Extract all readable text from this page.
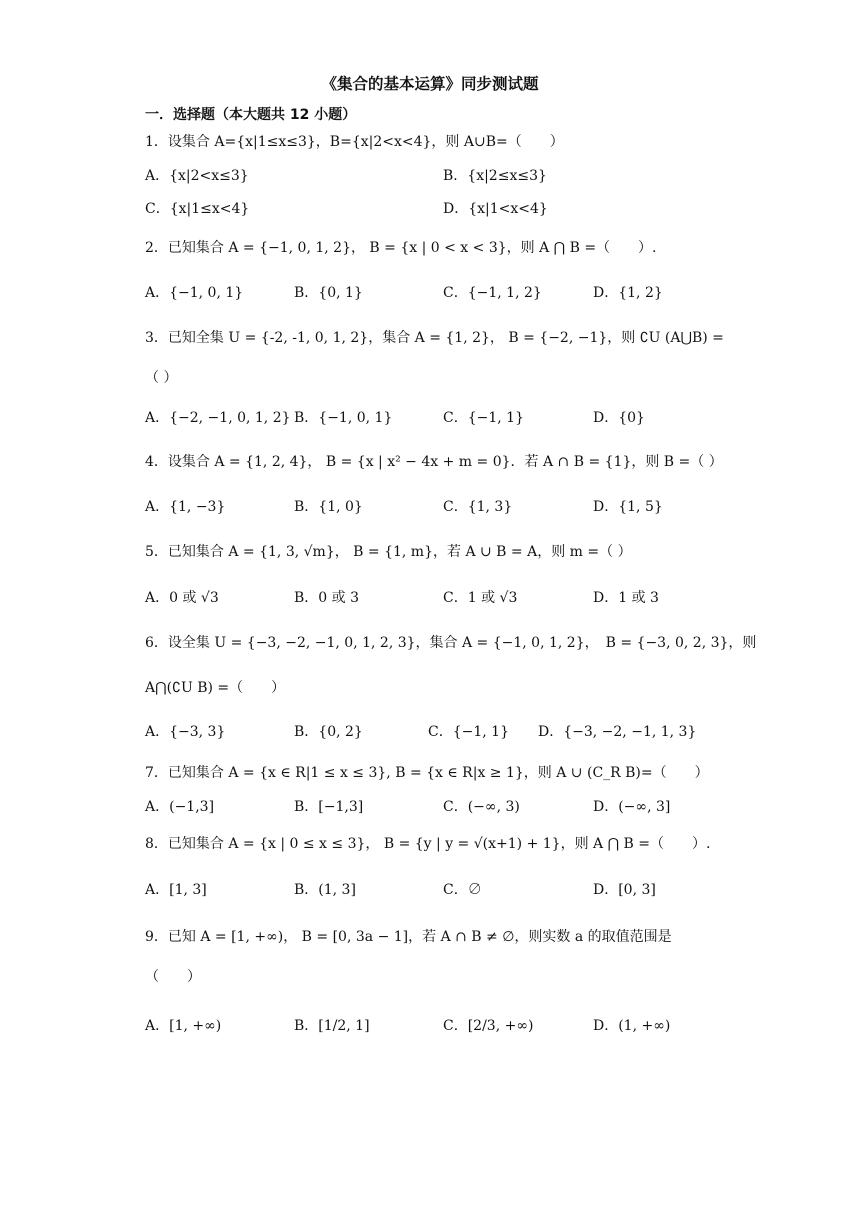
《集合的基本运算》同步测试题
一．选择题（本大题共 12 小题）
1．设集合 A={x|1≤x≤3}，B={x|2<x<4}，则 A∪B=（　　）
A．{x|2<x≤3}	B．{x|2≤x≤3}
C．{x|1≤x<4}	D．{x|1<x<4}
2．已知集合 A = {−1, 0, 1, 2}， B = {x | 0 < x < 3}，则 A ⋂ B =（　　）.
A．{−1, 0, 1}	B．{0, 1}	C．{−1, 1, 2}	D．{1, 2}
3．已知全集 U = {-2, -1, 0, 1, 2}，集合 A = {1, 2}， B = {−2, −1}，则 ∁U (A⋃B) =
（ ）
A．{−2, −1, 0, 1, 2} B．{−1, 0, 1}	C．{−1, 1}	D．{0}
4．设集合 A = {1, 2, 4}， B = {x | x² − 4x + m = 0}．若 A ∩ B = {1}，则 B =（ ）
A．{1, −3}	B．{1, 0}	C．{1, 3}	D．{1, 5}
5．已知集合 A = {1, 3, √m}， B = {1, m}，若 A ∪ B = A，则 m =（ ）
A．0 或 √3	B．0 或 3	C．1 或 √3	D．1 或 3
6．设全集 U = {−3, −2, −1, 0, 1, 2, 3}，集合 A = {−1, 0, 1, 2}，　B = {−3, 0, 2, 3}，则
A⋂(∁U B) =（　　）
A．{−3, 3}	B．{0, 2}	C．{−1, 1} D．{−3, −2, −1, 1, 3}
7．已知集合 A = {x ∈ R|1 ≤ x ≤ 3}, B = {x ∈ R|x ≥ 1}，则 A ∪ (C_R B)=（　　）
A．(−1,3]	B．[−1,3]	C．(−∞, 3)	D．(−∞, 3]
8．已知集合 A = {x | 0 ≤ x ≤ 3}， B = {y | y = √(x+1) + 1}，则 A ⋂ B =（　　）.
A．[1, 3]	B．(1, 3]	C．∅	D．[0, 3]
9．已知 A = [1, +∞)， B = [0, 3a − 1]，若 A ∩ B ≠ ∅，则实数 a 的取值范围是
（　　）
A．[1, +∞)	B．[1/2, 1]	C．[2/3, +∞)	D．(1, +∞)
